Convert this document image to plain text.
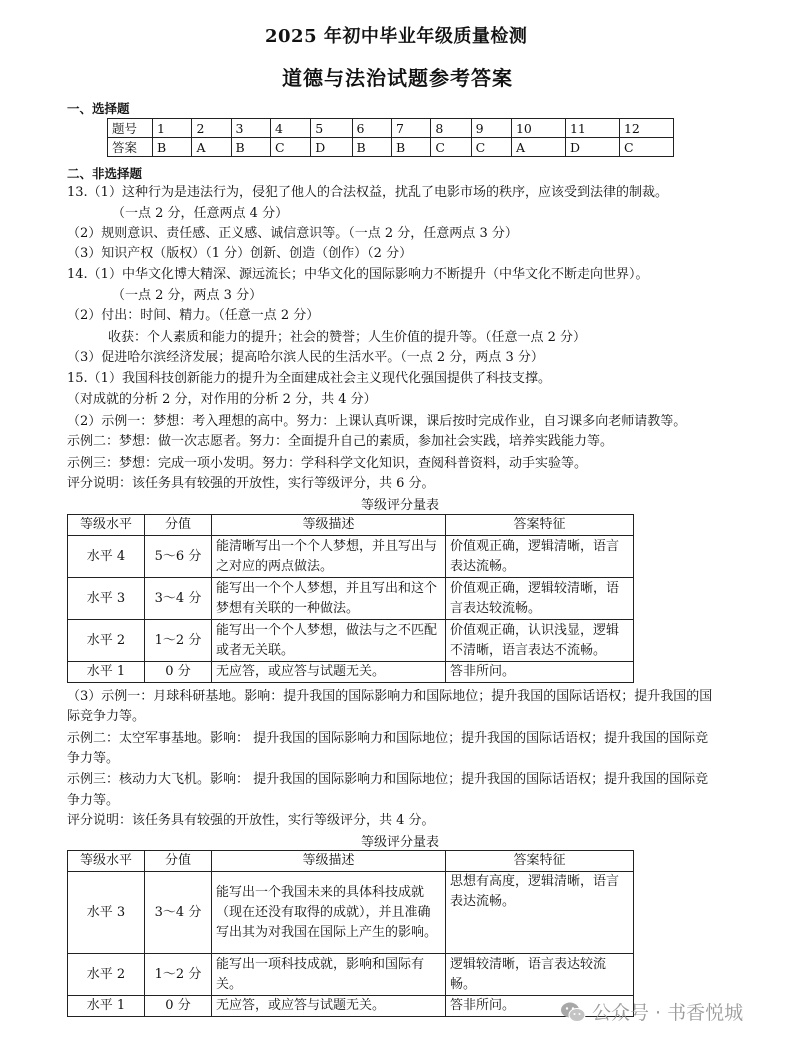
2025 年初中毕业年级质量检测
道德与法治试题参考答案
一、选择题
题号	1	2	3	4	5	6	7	8	9	10	11	12
答案	B	A	B	C	D	B	B	C	C	A	D	C
二、非选择题
13.（1）这种行为是违法行为，侵犯了他人的合法权益，扰乱了电影市场的秩序，应该受到法律的制裁。
（一点 2 分，任意两点 4 分）
（2）规则意识、责任感、正义感、诚信意识等。（一点 2 分，任意两点 3 分）
（3）知识产权（版权）（1 分）创新、创造（创作）（2 分）
14.（1）中华文化博大精深、源远流长；中华文化的国际影响力不断提升（中华文化不断走向世界）。
（一点 2 分，两点 3 分）
（2）付出：时间、精力。（任意一点 2 分）
收获：个人素质和能力的提升；社会的赞誉；人生价值的提升等。（任意一点 2 分）
（3）促进哈尔滨经济发展；提高哈尔滨人民的生活水平。（一点 2 分，两点 3 分）
15.（1）我国科技创新能力的提升为全面建成社会主义现代化强国提供了科技支撑。
（对成就的分析 2 分，对作用的分析 2 分，共 4 分）
（2）示例一：梦想：考入理想的高中。努力：上课认真听课，课后按时完成作业，自习课多向老师请教等。
示例二：梦想：做一次志愿者。努力：全面提升自己的素质，参加社会实践，培养实践能力等。
示例三：梦想：完成一项小发明。努力：学科科学文化知识，查阅科普资料，动手实验等。
评分说明：该任务具有较强的开放性，实行等级评分，共 6 分。
等级评分量表
等级水平	分值	等级描述	答案特征
水平 4	5～6 分	能清晰写出一个个人梦想，并且写出与之对应的两点做法。	价值观正确，逻辑清晰，语言表达流畅。
水平 3	3～4 分	能写出一个个人梦想，并且写出和这个梦想有关联的一种做法。	价值观正确，逻辑较清晰，语言表达较流畅。
水平 2	1～2 分	能写出一个个人梦想，做法与之不匹配或者无关联。	价值观正确，认识浅显，逻辑不清晰，语言表达不流畅。
水平 1	0 分	无应答，或应答与试题无关。	答非所问。
（3）示例一：月球科研基地。影响：提升我国的国际影响力和国际地位；提升我国的国际话语权；提升我国的国
际竞争力等。
示例二：太空军事基地。影响： 提升我国的国际影响力和国际地位；提升我国的国际话语权；提升我国的国际竞
争力等。
示例三：核动力大飞机。影响： 提升我国的国际影响力和国际地位；提升我国的国际话语权；提升我国的国际竞
争力等。
评分说明：该任务具有较强的开放性，实行等级评分，共 4 分。
等级评分量表
等级水平	分值	等级描述	答案特征
水平 3	3～4 分	能写出一个我国未来的具体科技成就（现在还没有取得的成就），并且准确写出其为对我国在国际上产生的影响。	思想有高度，逻辑清晰，语言表达流畅。
水平 2	1～2 分	能写出一项科技成就，影响和国际有关。	逻辑较清晰，语言表达较流畅。
水平 1	0 分	无应答，或应答与试题无关。	答非所问。	公众号 · 书香悦城
